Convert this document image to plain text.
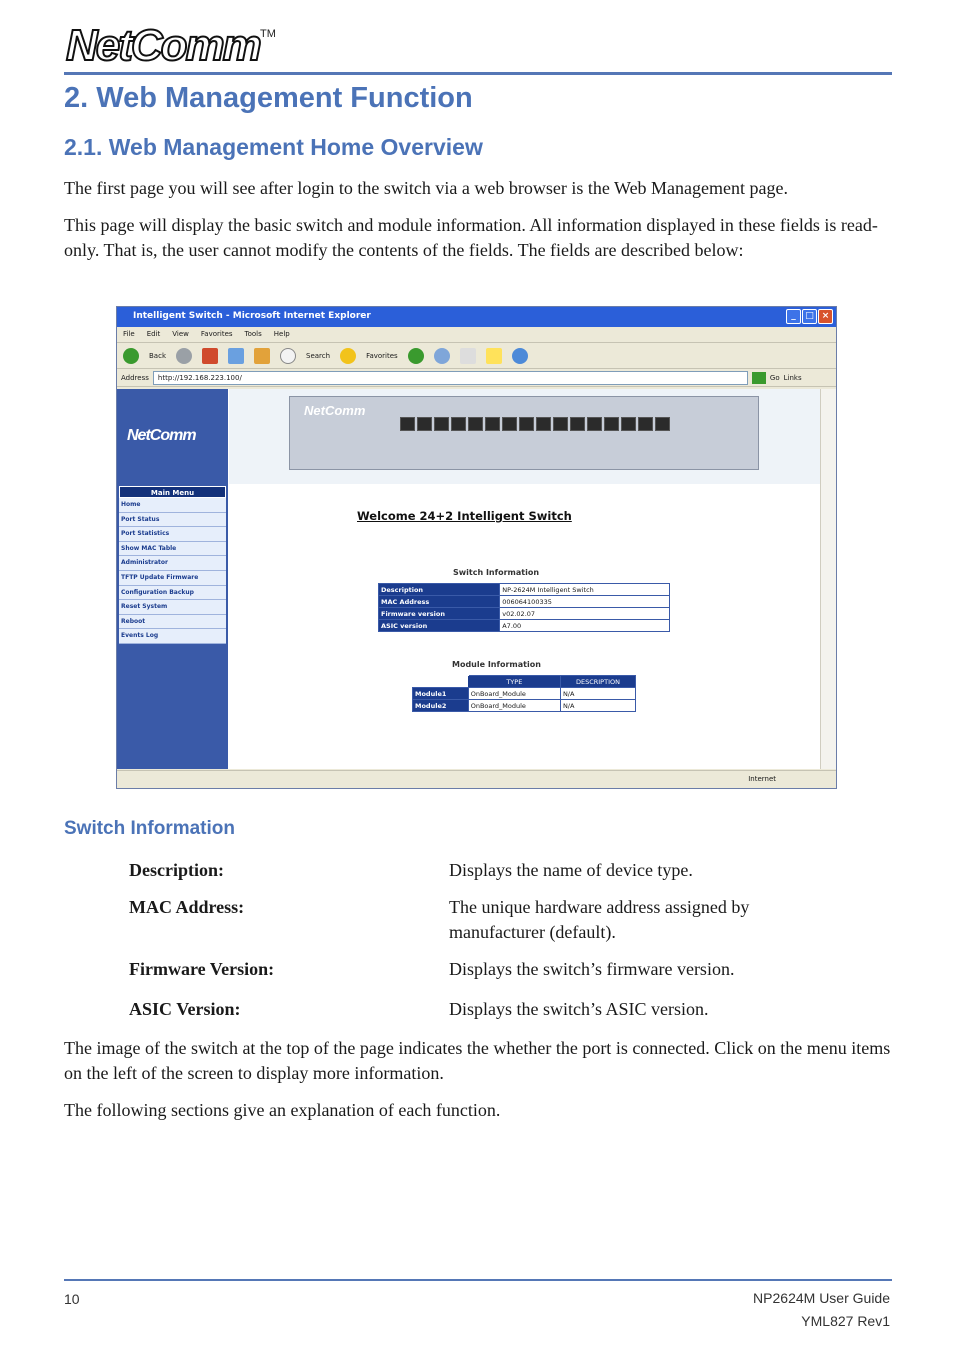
NetComm TM
2. Web Management Function
2.1. Web Management Home Overview

The first page you will see after login to the switch via a web browser is the Web Management page.

This page will display the basic switch and module information. All information displayed in these fields is read-only. That is, the user cannot modify the contents of the fields. The fields are described below:

Intelligent Switch - Microsoft Internet Explorer	_	□ ×
File Edit View Favorites Tools Help
Back	Search	Favorites
Address	http://192.168.223.100/	Go Links
NetComm
Main Menu
Home
Port Status
Port Statistics
Show MAC Table
Administrator
TFTP Update Firmware
Configuration Backup
Reset System
Reboot
Events Log
NetComm
Welcome 24+2 Intelligent Switch
Switch Information
Description	NP-2624M Intelligent Switch
MAC Address	006064100335
Firmware version	v02.02.07
ASIC version	A7.00
Module Information
	TYPE	DESCRIPTION
Module1	OnBoard_Module	N/A
Module2	OnBoard_Module	N/A
Internet
Switch Information
Description:	Displays the name of device type.
MAC Address:	The unique hardware address assigned by manufacturer (default).
Firmware Version:	Displays the switch’s firmware version.
ASIC Version:	Displays the switch’s ASIC version.

The image of the switch at the top of the page indicates the whether the port is connected. Click on the menu items on the left of the screen to display more information.

The following sections give an explanation of each function.

10	NP2624M User Guide
YML827 Rev1
